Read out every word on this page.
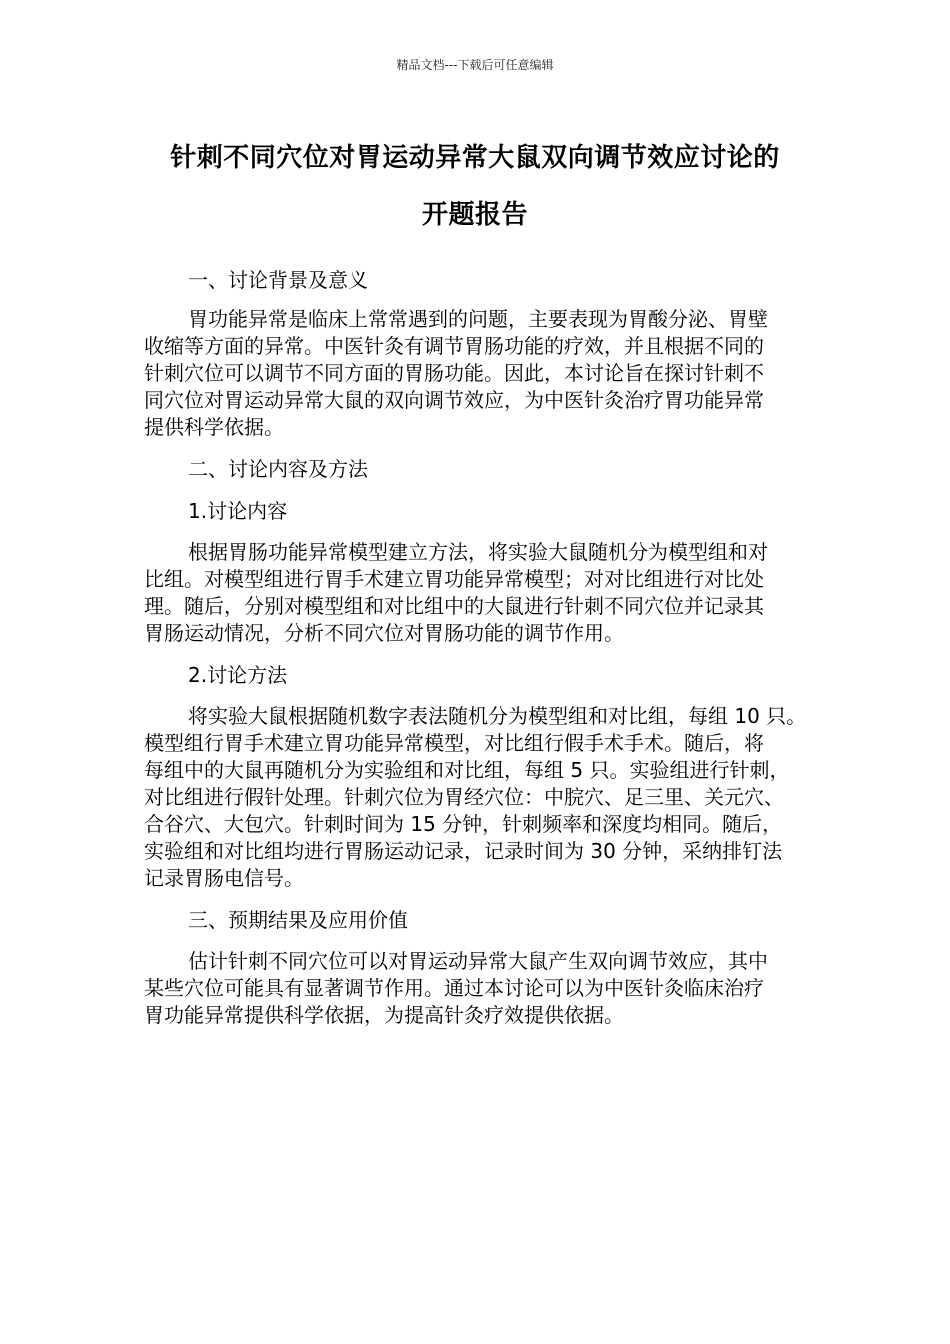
精品文档---下载后可任意编辑
针刺不同穴位对胃运动异常大鼠双向调节效应讨论的
开题报告

一、讨论背景及意义

胃功能异常是临床上常常遇到的问题，主要表现为胃酸分泌、胃壁
收缩等方面的异常。中医针灸有调节胃肠功能的疗效，并且根据不同的
针刺穴位可以调节不同方面的胃肠功能。因此，本讨论旨在探讨针刺不
同穴位对胃运动异常大鼠的双向调节效应，为中医针灸治疗胃功能异常
提供科学依据。

二、讨论内容及方法

1.讨论内容

根据胃肠功能异常模型建立方法，将实验大鼠随机分为模型组和对
比组。对模型组进行胃手术建立胃功能异常模型；对对比组进行对比处
理。随后，分别对模型组和对比组中的大鼠进行针刺不同穴位并记录其
胃肠运动情况，分析不同穴位对胃肠功能的调节作用。

2.讨论方法

将实验大鼠根据随机数字表法随机分为模型组和对比组，每组 10 只。
模型组行胃手术建立胃功能异常模型，对比组行假手术手术。随后，将
每组中的大鼠再随机分为实验组和对比组，每组 5 只。实验组进行针刺，
对比组进行假针处理。针刺穴位为胃经穴位：中脘穴、足三里、关元穴、
合谷穴、大包穴。针刺时间为 15 分钟，针刺频率和深度均相同。随后，
实验组和对比组均进行胃肠运动记录，记录时间为 30 分钟，采纳排钉法
记录胃肠电信号。

三、预期结果及应用价值

估计针刺不同穴位可以对胃运动异常大鼠产生双向调节效应，其中
某些穴位可能具有显著调节作用。通过本讨论可以为中医针灸临床治疗
胃功能异常提供科学依据，为提高针灸疗效提供依据。
